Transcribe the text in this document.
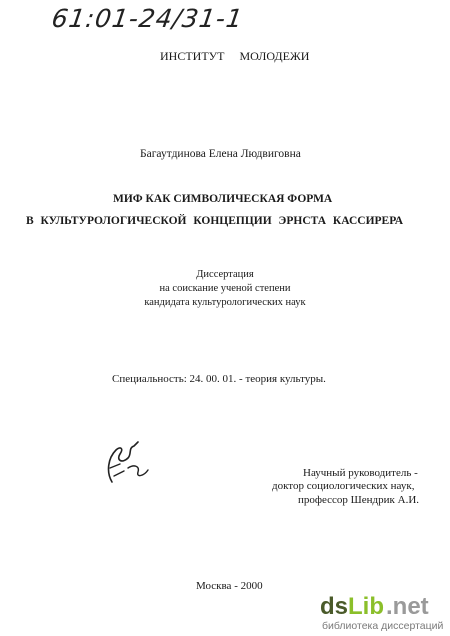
61:01-24/31-1
ИНСТИТУТ МОЛОДЕЖИ
Багаутдинова Елена Людвиговна
МИФ КАК СИМВОЛИЧЕСКАЯ ФОРМА
В КУЛЬТУРОЛОГИЧЕСКОЙ КОНЦЕПЦИИ ЭРНСТА КАССИРЕРА
Диссертация
на соискание ученой степени
кандидата культурологических наук
Специальность: 24. 00. 01. - теория культуры.
Научный руководитель -
доктор социологических наук,
профессор Шендрик А.И.
Москва - 2000
ds Lib .net
библиотека диссертаций
